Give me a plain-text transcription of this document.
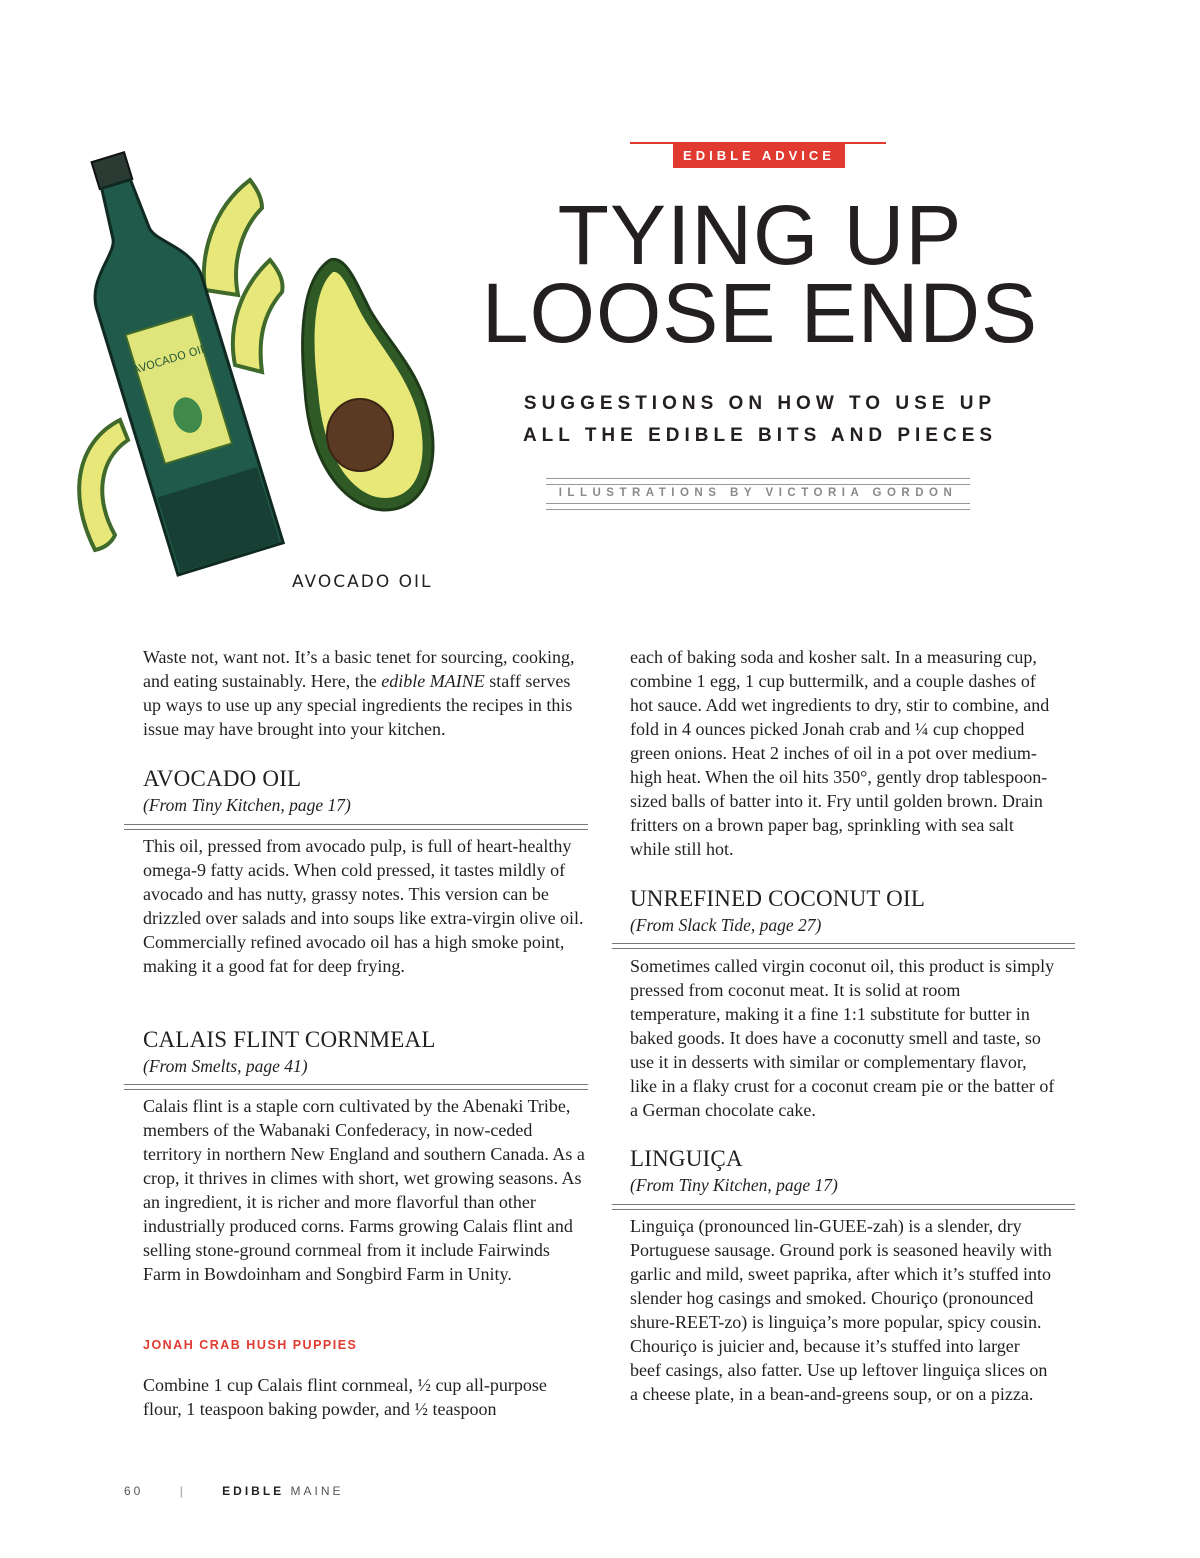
AVOCADO OIL
AVOCADO OIL
EDIBLE ADVICE
TYING UP
LOOSE ENDS
SUGGESTIONS ON HOW TO USE UP
ALL THE EDIBLE BITS AND PIECES
ILLUSTRATIONS BY VICTORIA GORDON

Waste not, want not. It’s a basic tenet for sourcing, cooking, and eating sustainably. Here, the edible MAINE staff serves up ways to use up any special ingredients the recipes in this issue may have brought into your kitchen.

AVOCADO OIL
(From Tiny Kitchen, page 17)

This oil, pressed from avocado pulp, is full of heart-healthy omega-9 fatty acids. When cold pressed, it tastes mildly of avocado and has nutty, grassy notes. This version can be drizzled over salads and into soups like extra-virgin olive oil. Commercially refined avocado oil has a high smoke point, making it a good fat for deep frying.

CALAIS FLINT CORNMEAL
(From Smelts, page 41)

Calais flint is a staple corn cultivated by the Abenaki Tribe, members of the Wabanaki Confederacy, in now-ceded territory in northern New England and southern Canada. As a crop, it thrives in climes with short, wet growing seasons. As an ingredient, it is richer and more flavorful than other industrially produced corns. Farms growing Calais flint and selling stone-ground cornmeal from it include Fairwinds Farm in Bowdoinham and Songbird Farm in Unity.

JONAH CRAB HUSH PUPPIES

Combine 1 cup Calais flint cornmeal, ½ cup all-purpose flour, 1 teaspoon baking powder, and ½ teaspoon

each of baking soda and kosher salt. In a measuring cup, combine 1 egg, 1 cup buttermilk, and a couple dashes of hot sauce. Add wet ingredients to dry, stir to combine, and fold in 4 ounces picked Jonah crab and ¼ cup chopped green onions. Heat 2 inches of oil in a pot over medium-high heat. When the oil hits 350°, gently drop tablespoon-sized balls of batter into it. Fry until golden brown. Drain fritters on a brown paper bag, sprinkling with sea salt while still hot.

UNREFINED COCONUT OIL
(From Slack Tide, page 27)

Sometimes called virgin coconut oil, this product is simply pressed from coconut meat. It is solid at room temperature, making it a fine 1:1 substitute for butter in baked goods. It does have a coconutty smell and taste, so use it in desserts with similar or complementary flavor, like in a flaky crust for a coconut cream pie or the batter of a German chocolate cake.

LINGUIÇA
(From Tiny Kitchen, page 17)

Linguiça (pronounced lin-GUEE-zah) is a slender, dry Portuguese sausage. Ground pork is seasoned heavily with garlic and mild, sweet paprika, after which it’s stuffed into slender hog casings and smoked. Chouriço (pronounced shure-REET-zo) is linguiça’s more popular, spicy cousin. Chouriço is juicier and, because it’s stuffed into larger beef casings, also fatter. Use up leftover linguiça slices on a cheese plate, in a bean-and-greens soup, or on a pizza.

60	|	EDIBLE MAINE
